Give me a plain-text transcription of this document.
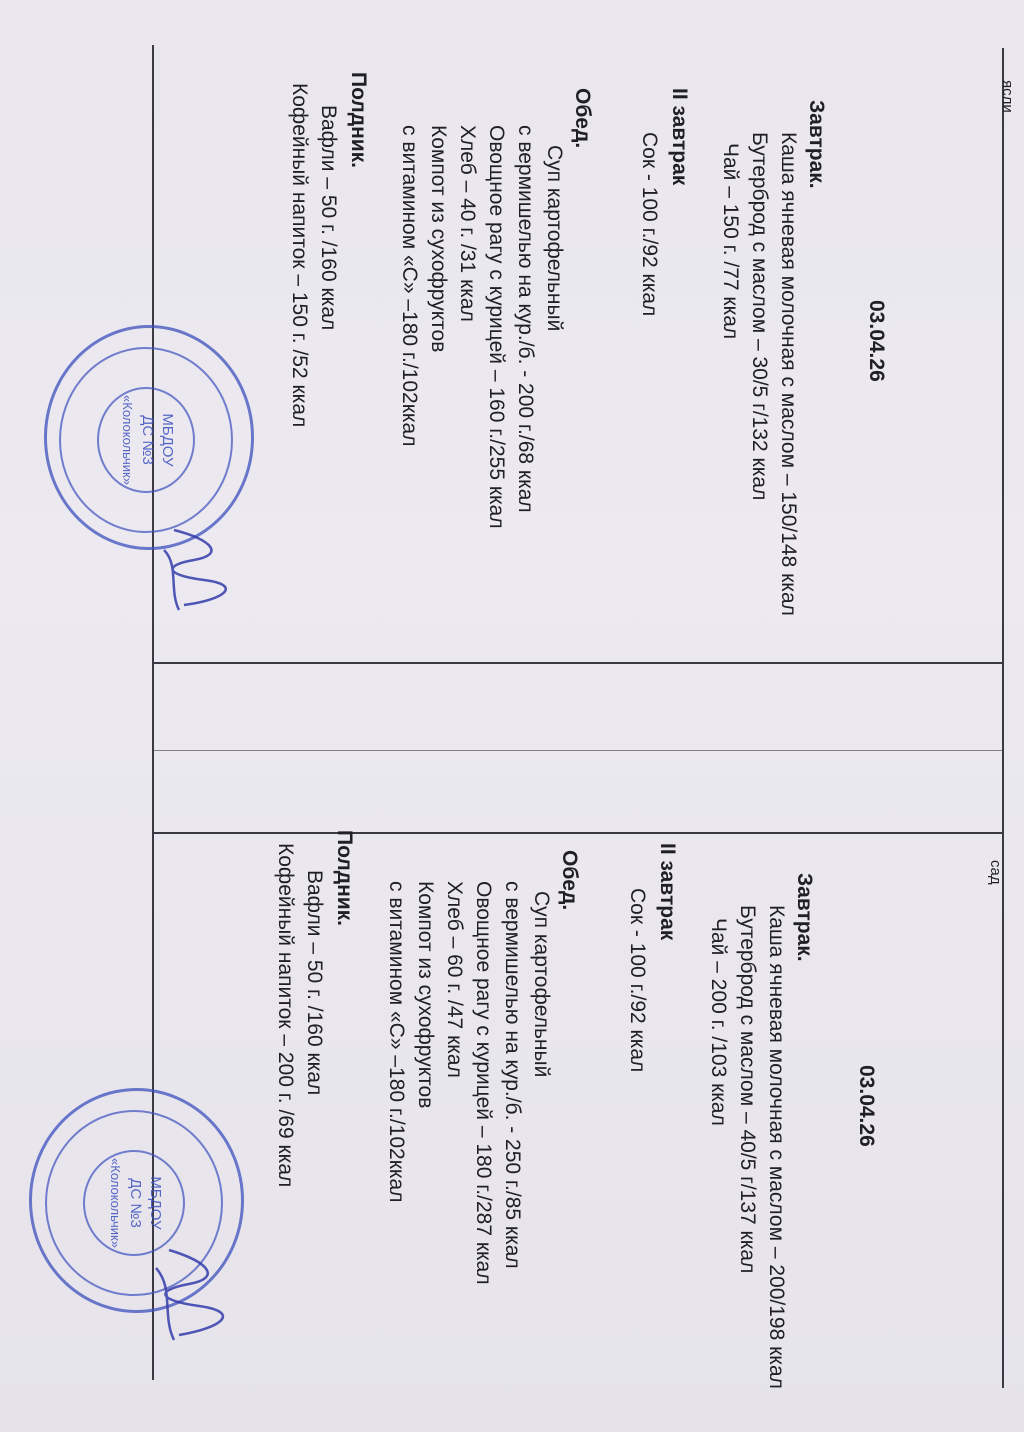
ясли
03.04.26
Завтрак.
Каша ячневая молочная с маслом – 150/148 ккал
Бутерброд с маслом – 30/5 г/132 ккал
Чай – 150 г. /77 ккал
II завтрак
Сок - 100 г./92 ккал
Обед.
Суп картофельный
с вермишелью на кур./б. - 200 г./68 ккал
Овощное рагу с курицей – 160 г./255 ккал
Хлеб – 40 г. /31 ккал
Компот из сухофруктов
с витамином «С» –180 г./102ккал
Полдник.
Вафли – 50 г. /160 ккал
Кофейный напиток – 150 г. /52 ккал
сад
03.04.26
Завтрак.
Каша ячневая молочная с маслом – 200/198 ккал
Бутерброд с маслом – 40/5 г/137 ккал
Чай – 200 г. /103 ккал
II завтрак
Сок - 100 г./92 ккал
Обед.
Суп картофельный
с вермишелью на кур./б. - 250 г./85 ккал
Овощное рагу с курицей – 180 г./287 ккал
Хлеб – 60 г. /47 ккал
Компот из сухофруктов
с витамином «С» –180 г./102ккал
Полдник.
Вафли – 50 г. /160 ккал
Кофейный напиток – 200 г. /69 ккал
МБДОУ
ДС №3
«Колокольчик»
МБДОУ
ДС №3
«Колокольчик»
